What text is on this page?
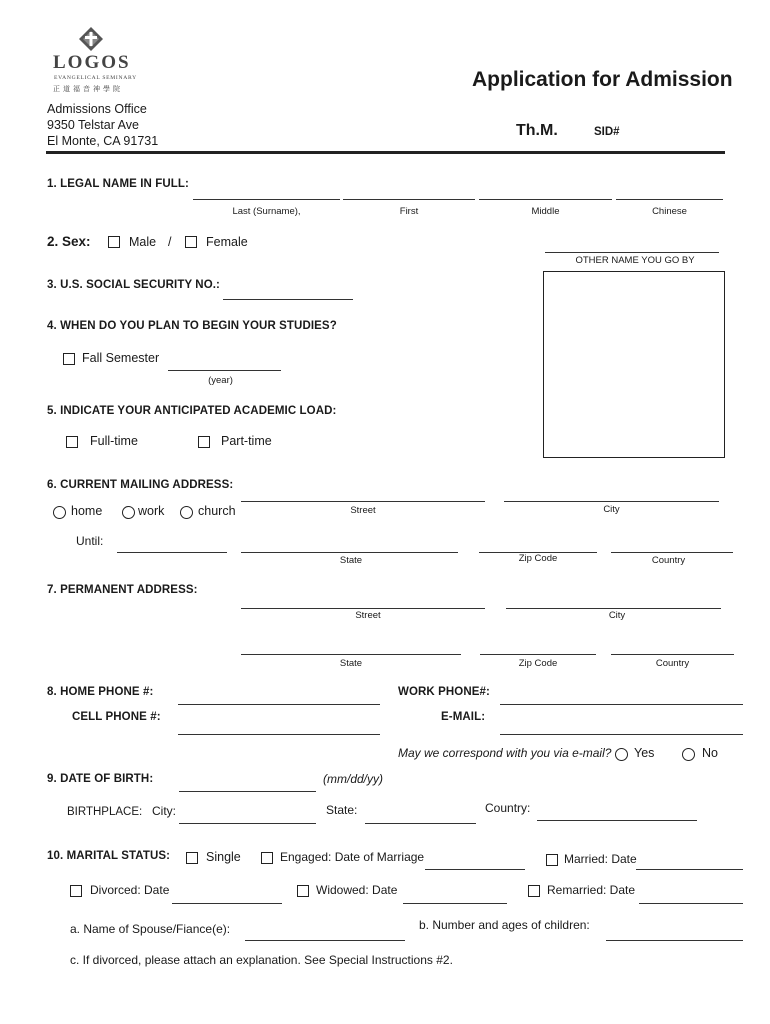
LOGOS
EVANGELICAL SEMINARY
正道福音神學院	Application for Admission
Admissions Office
9350 Telstar Ave
El Monte, CA 91731
Th.M.	SID#
1. LEGAL NAME IN FULL:
Last (Surname),	First	Middle	Chinese
2. Sex:	Male /	Female
OTHER NAME YOU GO BY
3. U.S. SOCIAL SECURITY NO.:
4. WHEN DO YOU PLAN TO BEGIN YOUR STUDIES?
Fall Semester
(year)
5. INDICATE YOUR ANTICIPATED ACADEMIC LOAD:
Full-time	Part-time
6. CURRENT MAILING ADDRESS:
Street	City
home	work	church
Until:
State	Zip Code	Country
7. PERMANENT ADDRESS:
Street	City
State	Zip Code	Country
8. HOME PHONE #:	WORK PHONE#:
CELL PHONE #:	E-MAIL:
May we correspond with you via e-mail? Yes	No
9. DATE OF BIRTH:	(mm/dd/yy)
BIRTHPLACE: City:	State:	Country:
10. MARITAL STATUS:	Single	Engaged: Date of Marriage	Married: Date
Divorced: Date	Widowed: Date	Remarried: Date
a. Name of Spouse/Fiance(e):	b. Number and ages of children:
c. If divorced, please attach an explanation. See Special Instructions #2.
